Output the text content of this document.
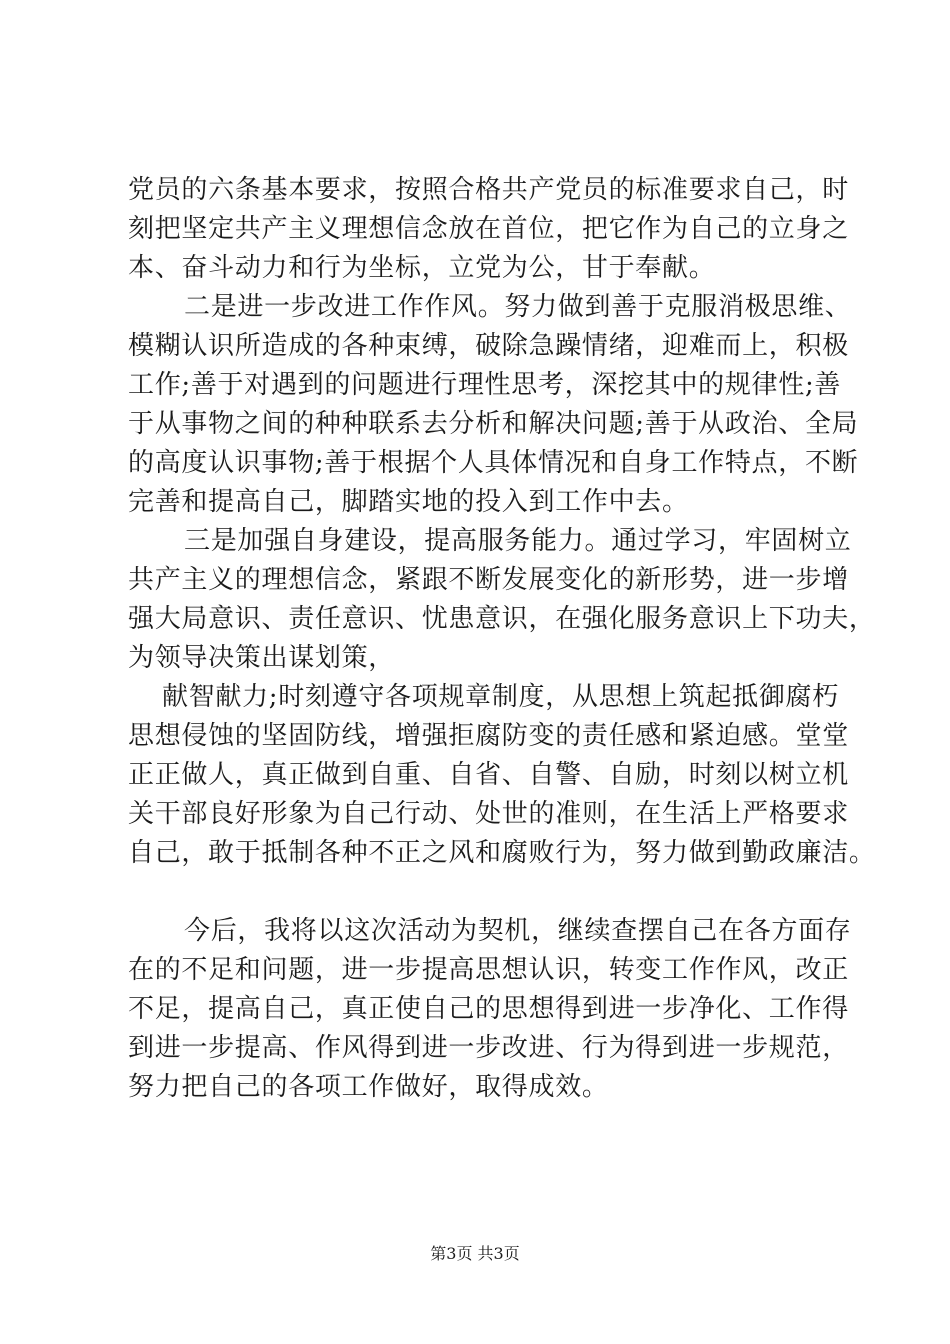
党员的六条基本要求，按照合格共产党员的标准要求自己，时
刻把坚定共产主义理想信念放在首位，把它作为自己的立身之
本、奋斗动力和行为坐标，立党为公，甘于奉献。
二是进一步改进工作作风。努力做到善于克服消极思维、
模糊认识所造成的各种束缚，破除急躁情绪，迎难而上，积极
工作;善于对遇到的问题进行理性思考，深挖其中的规律性;善
于从事物之间的种种联系去分析和解决问题;善于从政治、全局
的高度认识事物;善于根据个人具体情况和自身工作特点，不断
完善和提高自己，脚踏实地的投入到工作中去。
三是加强自身建设，提高服务能力。通过学习，牢固树立
共产主义的理想信念，紧跟不断发展变化的新形势，进一步增
强大局意识、责任意识、忧患意识，在强化服务意识上下功夫，
为领导决策出谋划策，
献智献力;时刻遵守各项规章制度，从思想上筑起抵御腐朽
思想侵蚀的坚固防线，增强拒腐防变的责任感和紧迫感。堂堂
正正做人，真正做到自重、自省、自警、自励，时刻以树立机
关干部良好形象为自己行动、处世的准则，在生活上严格要求
自己，敢于抵制各种不正之风和腐败行为，努力做到勤政廉洁。
今后，我将以这次活动为契机，继续查摆自己在各方面存
在的不足和问题，进一步提高思想认识，转变工作作风，改正
不足，提高自己，真正使自己的思想得到进一步净化、工作得
到进一步提高、作风得到进一步改进、行为得到进一步规范，
努力把自己的各项工作做好，取得成效。
第3页 共3页
